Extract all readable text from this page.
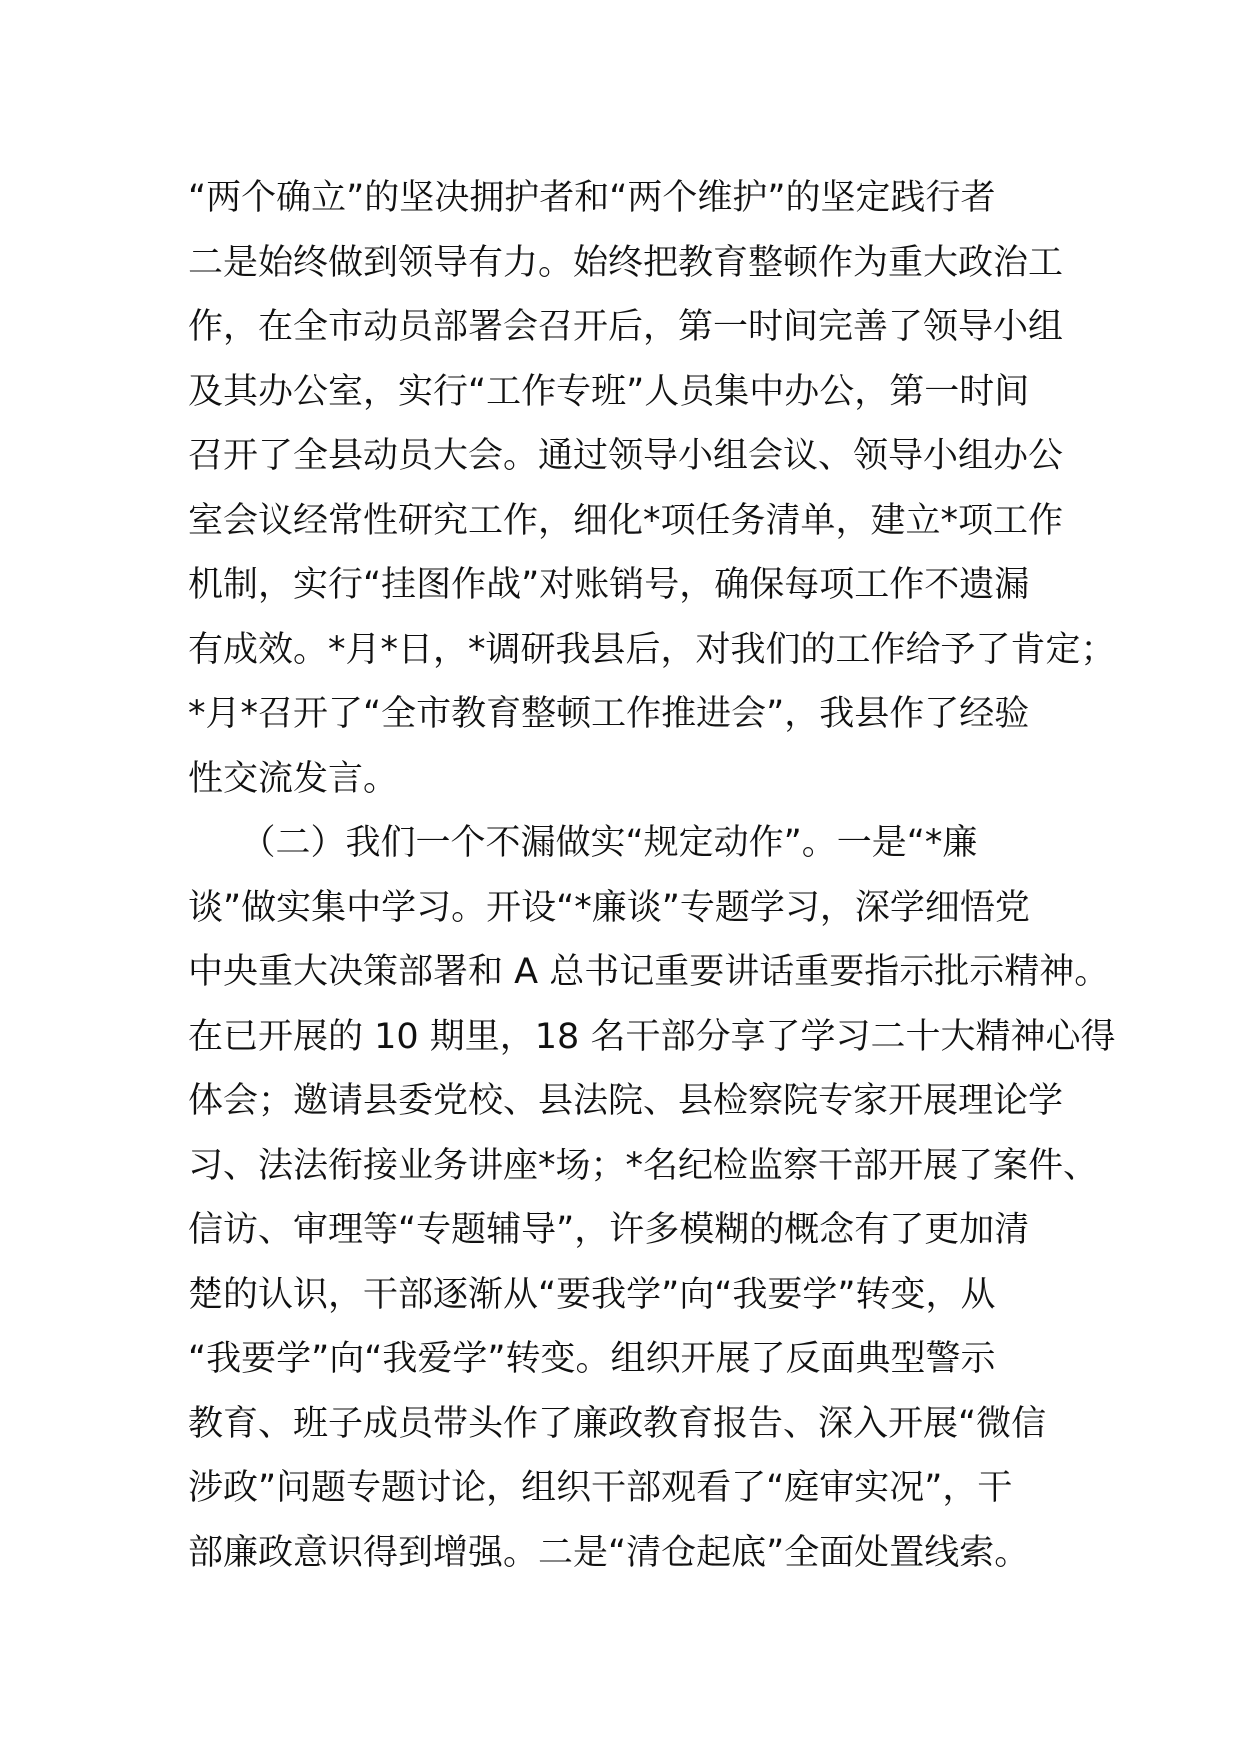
“两个确立”的坚决拥护者和“两个维护”的坚定践行者
二是始终做到领导有力。始终把教育整顿作为重大政治工
作，在全市动员部署会召开后，第一时间完善了领导小组
及其办公室，实行“工作专班”人员集中办公，第一时间
召开了全县动员大会。通过领导小组会议、领导小组办公
室会议经常性研究工作，细化*项任务清单，建立*项工作
机制，实行“挂图作战”对账销号，确保每项工作不遗漏
有成效。*月*日，*调研我县后，对我们的工作给予了肯定；
*月*召开了“全市教育整顿工作推进会”，我县作了经验
性交流发言。
　　（二）我们一个不漏做实“规定动作”。一是“*廉
谈”做实集中学习。开设“*廉谈”专题学习，深学细悟党
中央重大决策部署和 A 总书记重要讲话重要指示批示精神。
在已开展的 10 期里，18 名干部分享了学习二十大精神心得
体会；邀请县委党校、县法院、县检察院专家开展理论学
习、法法衔接业务讲座*场；*名纪检监察干部开展了案件、
信访、审理等“专题辅导”，许多模糊的概念有了更加清
楚的认识，干部逐渐从“要我学”向“我要学”转变，从
“我要学”向“我爱学”转变。组织开展了反面典型警示
教育、班子成员带头作了廉政教育报告、深入开展“微信
涉政”问题专题讨论，组织干部观看了“庭审实况”，干
部廉政意识得到增强。二是“清仓起底”全面处置线索。
